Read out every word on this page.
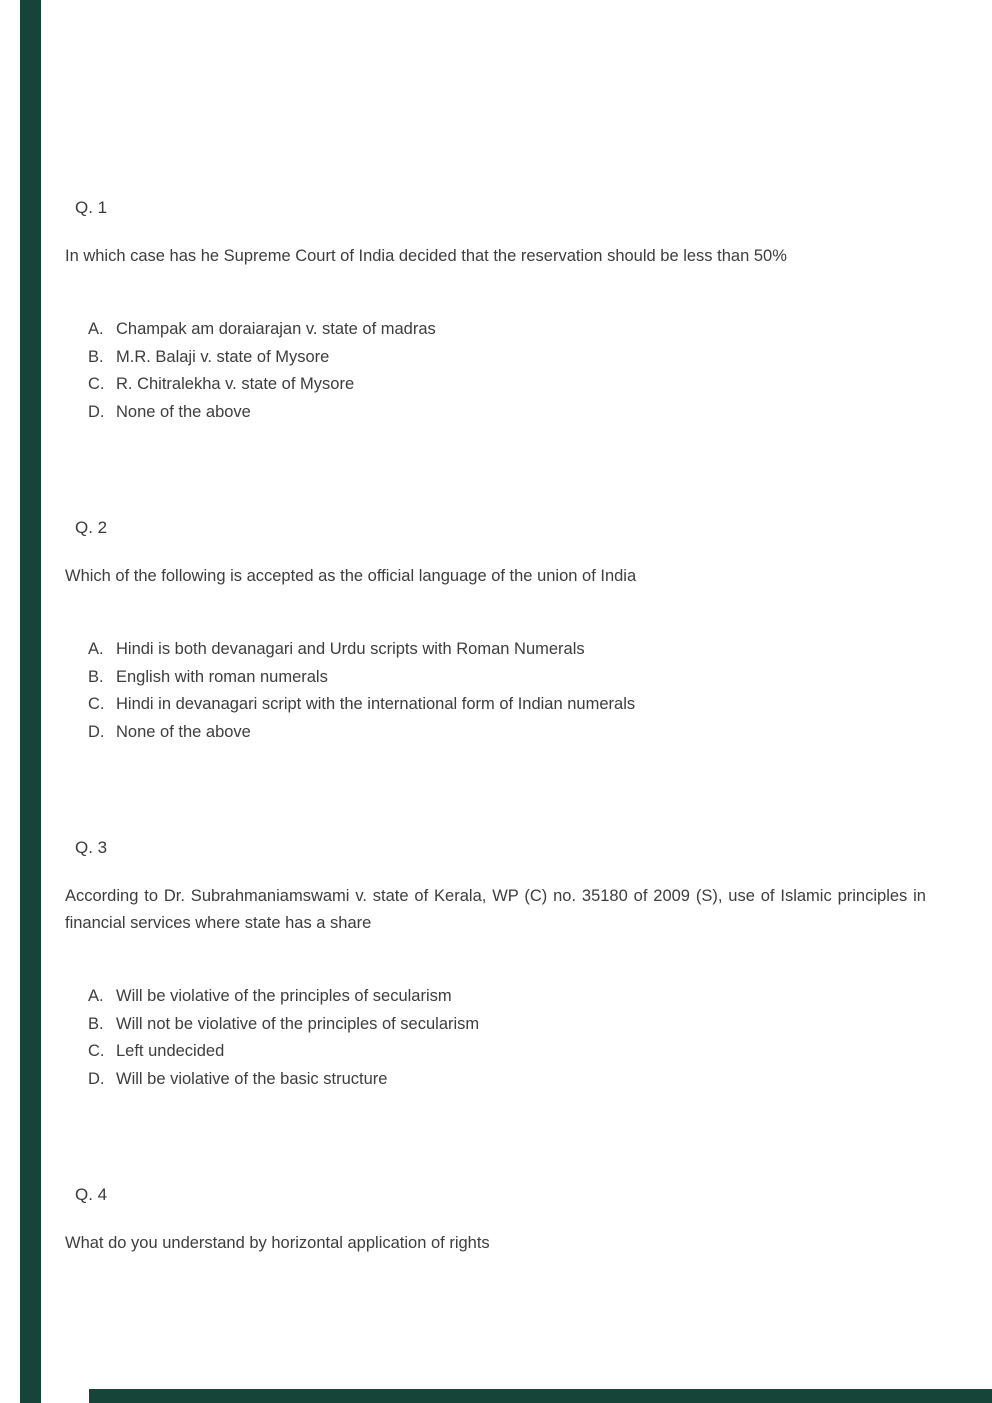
Q. 1

In which case has he Supreme Court of India decided that the reservation should be less than 50%

A. Champak am doraiarajan v. state of madras
B. M.R. Balaji v. state of Mysore
C. R. Chitralekha v. state of Mysore
D. None of the above
Q. 2

Which of the following is accepted as the official language of the union of India

A. Hindi is both devanagari and Urdu scripts with Roman Numerals
B. English with roman numerals
C. Hindi in devanagari script with the international form of Indian numerals
D. None of the above
Q. 3

According to Dr. Subrahmaniamswami v. state of Kerala, WP (C) no. 35180 of 2009 (S), use of Islamic principles in financial services where state has a share

A. Will be violative of the principles of secularism
B. Will not be violative of the principles of secularism
C. Left undecided
D. Will be violative of the basic structure
Q. 4

What do you understand by horizontal application of rights
